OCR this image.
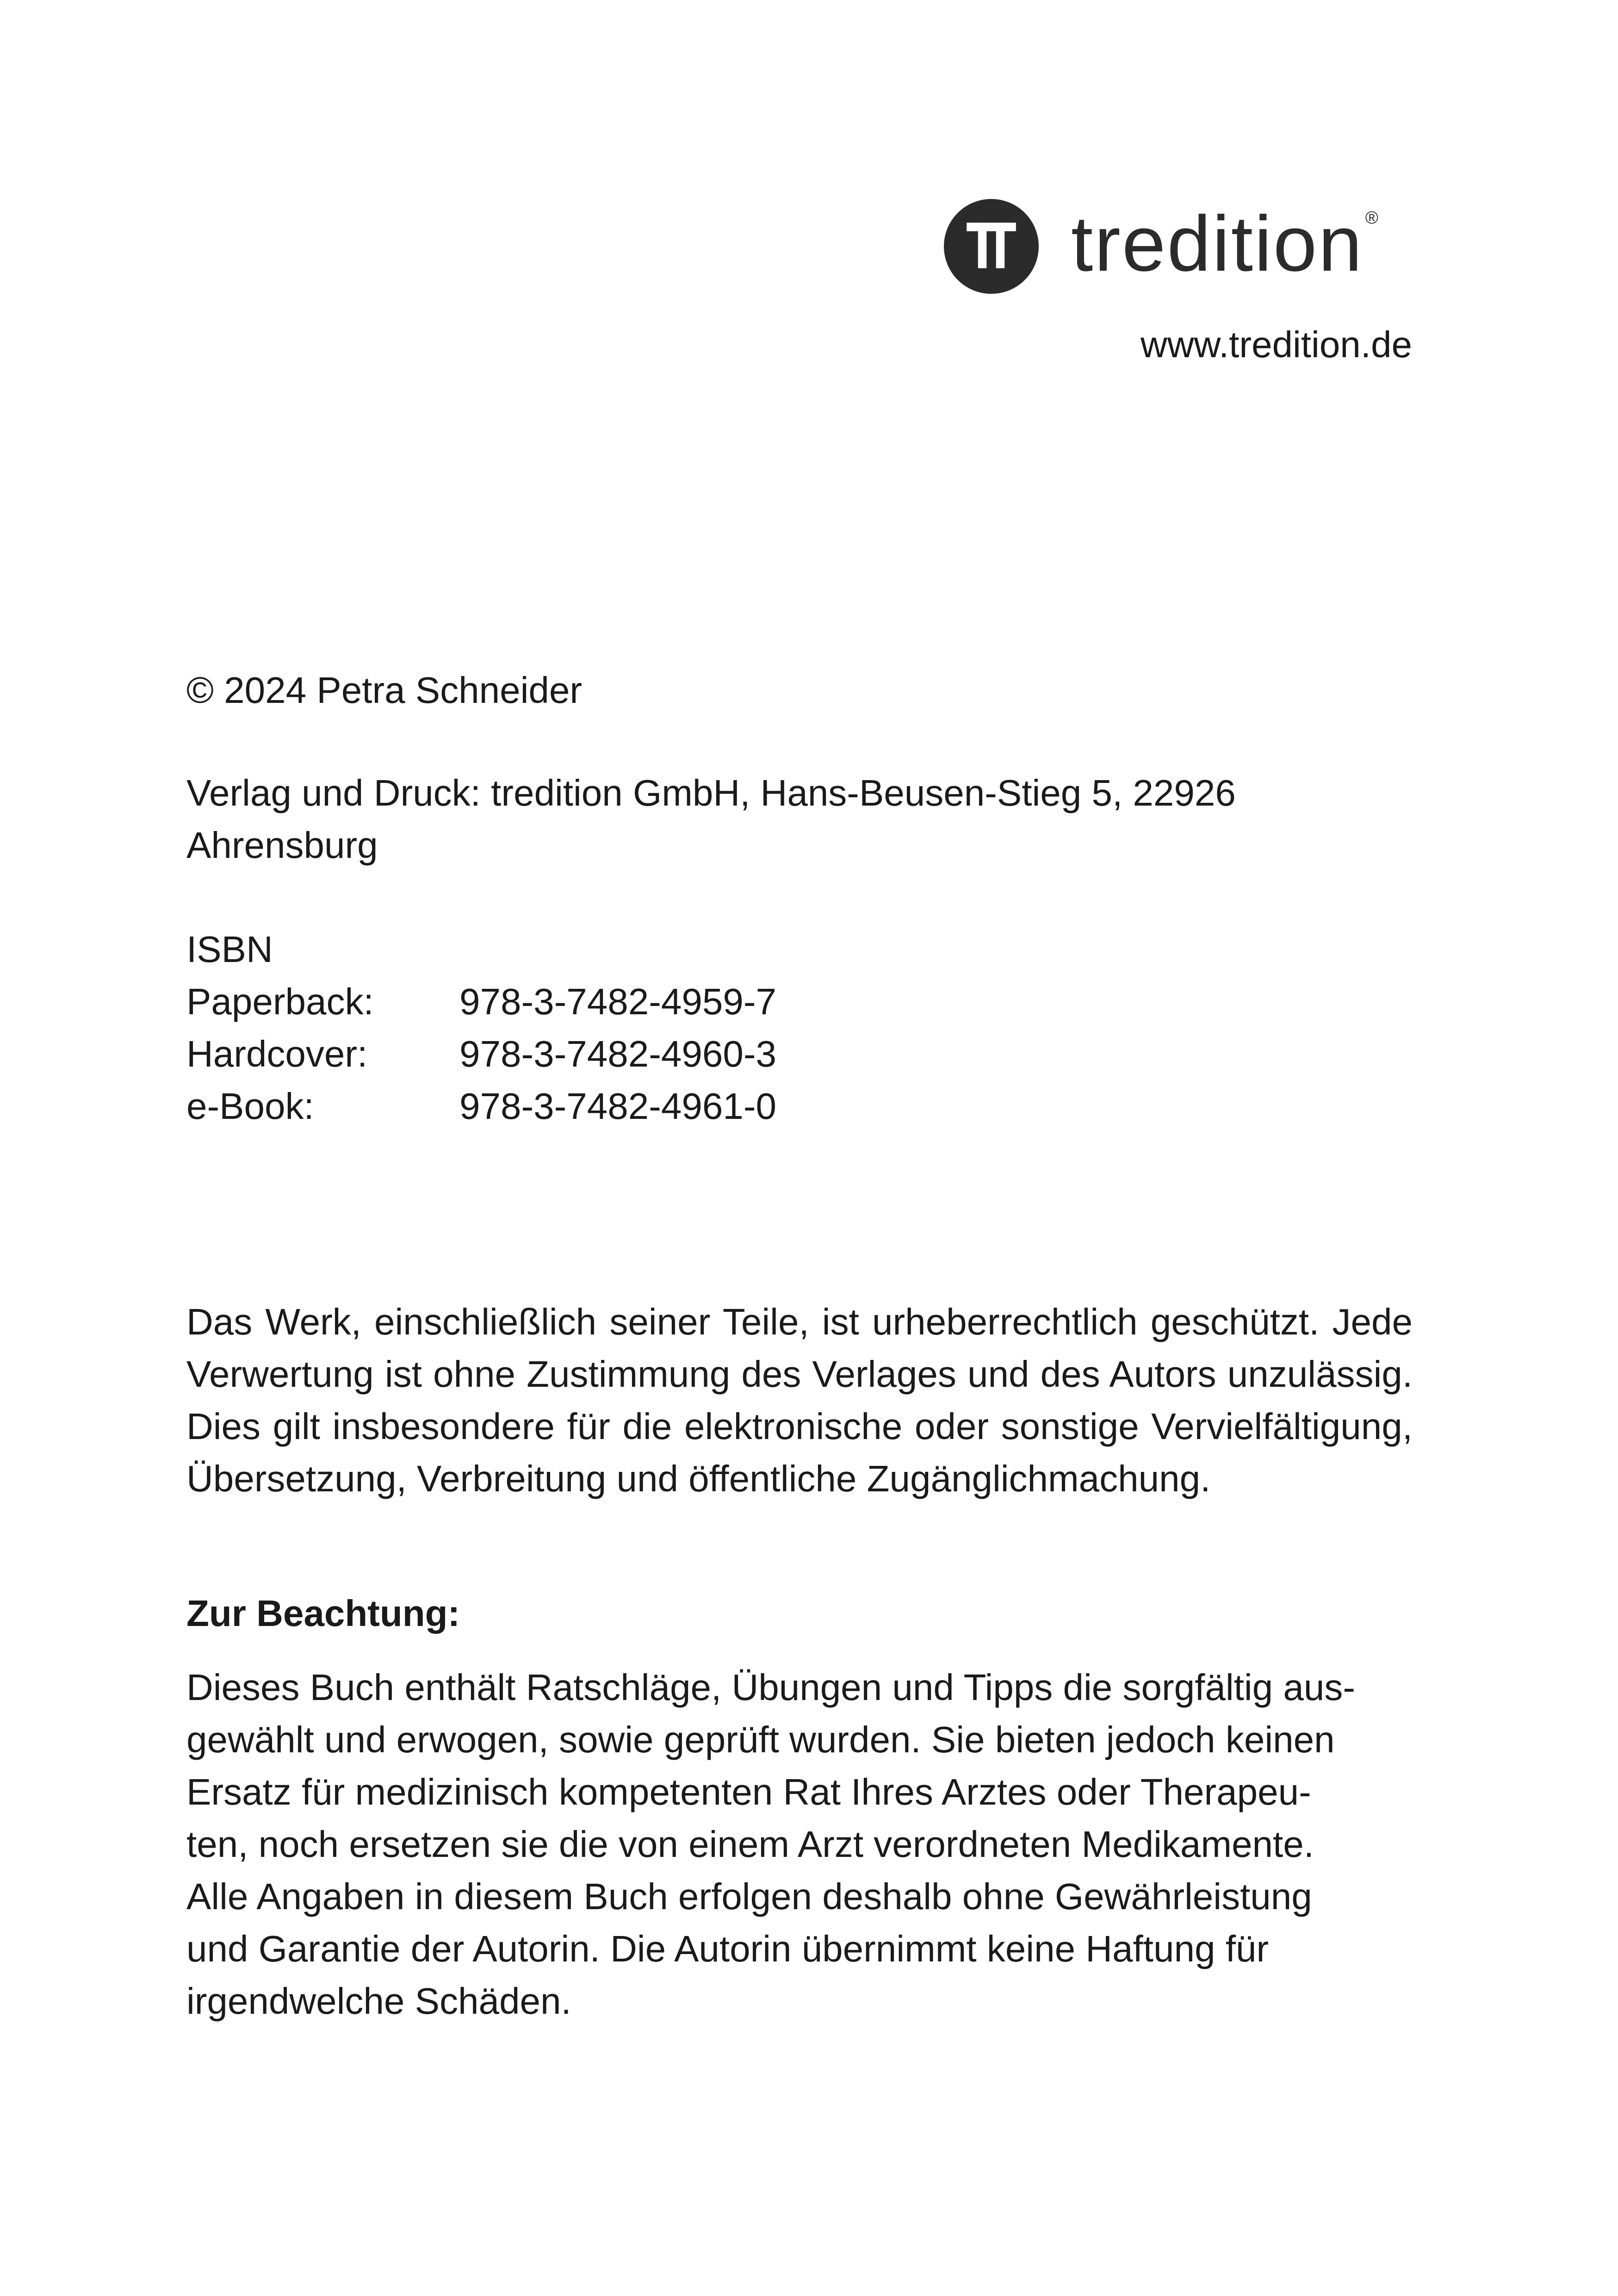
tredition ®
www.tredition.de

© 2024 Petra Schneider

Verlag und Druck: tredition GmbH, Hans-Beusen-Stieg 5, 22926
Ahrensburg
ISBN
Paperback:	978-3-7482-4959-7
Hardcover:	978-3-7482-4960-3
e-Book:	978-3-7482-4961-0

Das Werk, einschließlich seiner Teile, ist urheberrechtlich geschützt. Jede Verwertung ist ohne Zustimmung des Verlages und des Autors unzulässig. Dies gilt insbesondere für die elektronische oder sonstige Vervielfältigung, Übersetzung, Verbreitung und öffentliche Zugänglichmachung.

Zur Beachtung:
Dieses Buch enthält Ratschläge, Übungen und Tipps die sorgfältig aus-
gewählt und erwogen, sowie geprüft wurden. Sie bieten jedoch keinen
Ersatz für medizinisch kompetenten Rat Ihres Arztes oder Therapeu-
ten, noch ersetzen sie die von einem Arzt verordneten Medikamente.
Alle Angaben in diesem Buch erfolgen deshalb ohne Gewährleistung
und Garantie der Autorin. Die Autorin übernimmt keine Haftung für
irgendwelche Schäden.
